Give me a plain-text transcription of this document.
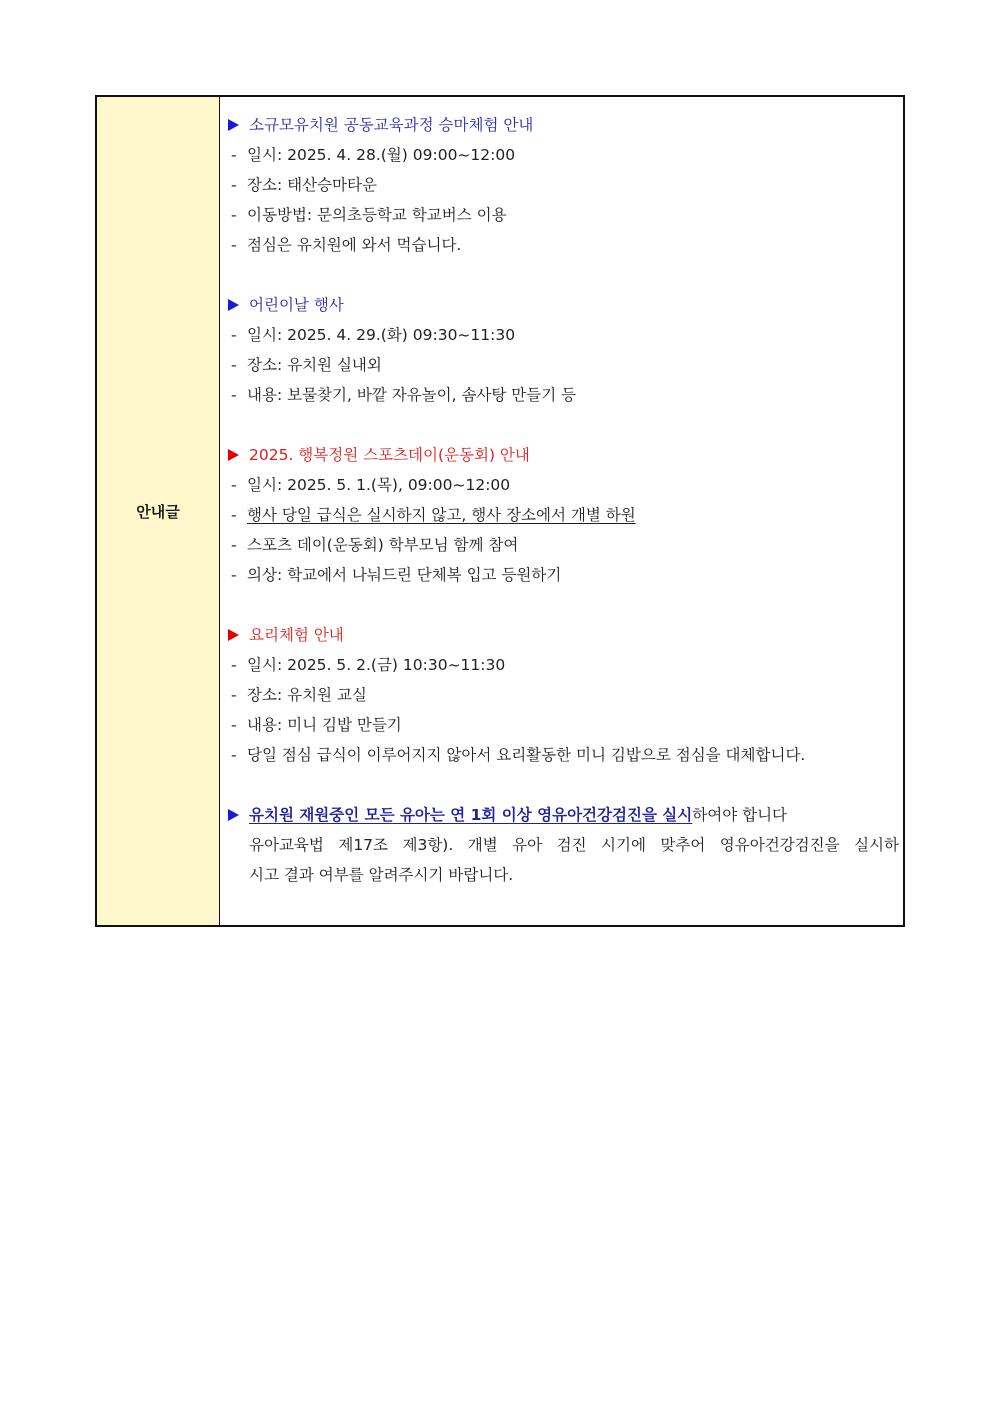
안내글
소규모유치원 공동교육과정 승마체험 안내
- 일시: 2025. 4. 28.(월) 09:00~12:00
- 장소: 태산승마타운
- 이동방법: 문의초등학교 학교버스 이용
- 점심은 유치원에 와서 먹습니다.
어린이날 행사
- 일시: 2025. 4. 29.(화) 09:30~11:30
- 장소: 유치원 실내외
- 내용: 보물찾기, 바깥 자유놀이, 솜사탕 만들기 등
2025. 행복정원 스포츠데이(운동회) 안내
- 일시: 2025. 5. 1.(목), 09:00~12:00
- 행사 당일 급식은 실시하지 않고, 행사 장소에서 개별 하원
- 스포츠 데이(운동회) 학부모님 함께 참여
- 의상: 학교에서 나눠드린 단체복 입고 등원하기
요리체험 안내
- 일시: 2025. 5. 2.(금) 10:30~11:30
- 장소: 유치원 교실
- 내용: 미니 김밥 만들기
- 당일 점심 급식이 이루어지지 않아서 요리활동한 미니 김밥으로 점심을 대체합니다.
유치원 재원중인 모든 유아는 연 1회 이상 영유아건강검진을 실시 하여야 합니다
유아교육법 제17조 제3항). 개별 유아 검진 시기에 맞추어 영유아건강검진을 실시하
시고 결과 여부를 알려주시기 바랍니다.
